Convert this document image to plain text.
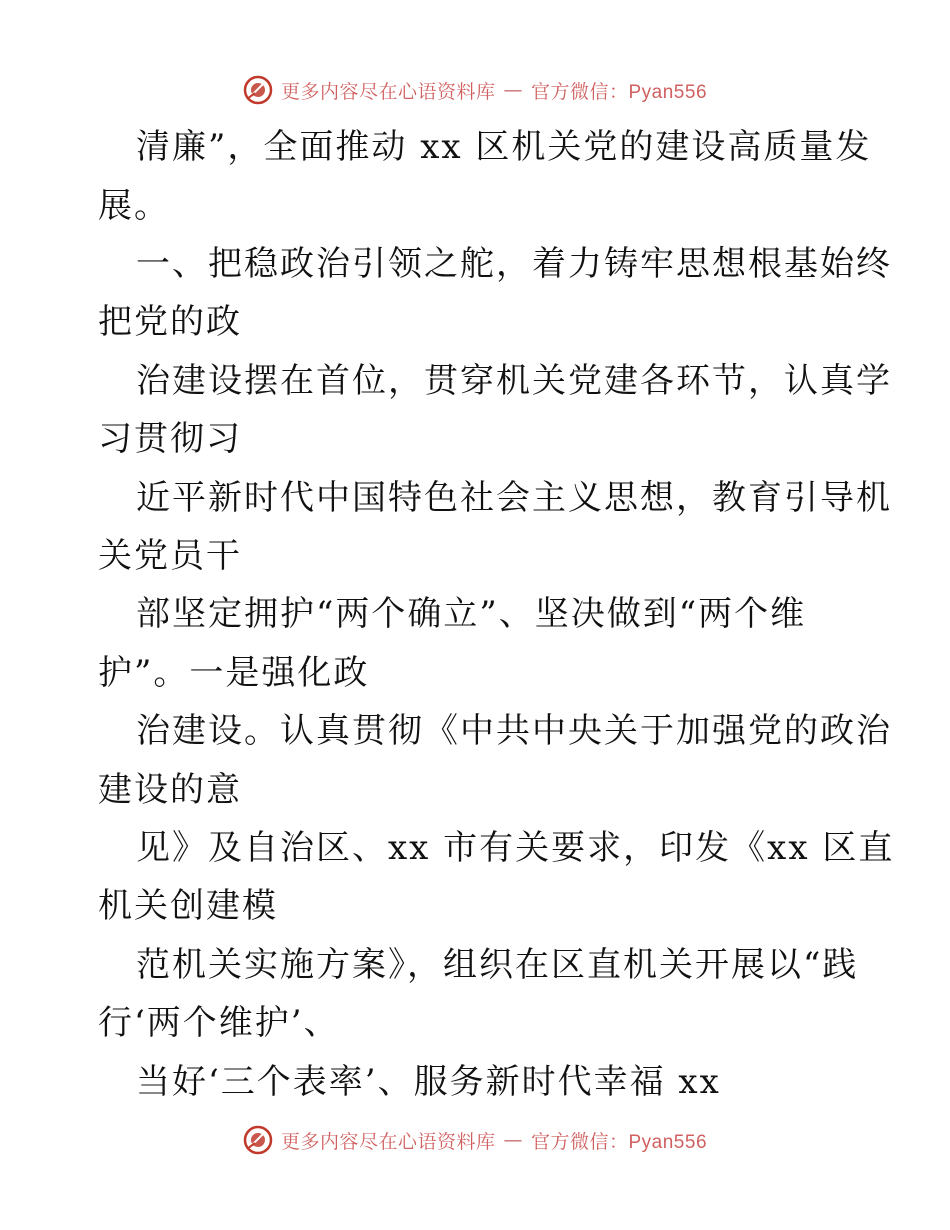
更多内容尽在心语资料库 — 官方微信：Pyan556
清廉”，全面推动 xx 区机关党的建设高质量发
展。
一、把稳政治引领之舵，着力铸牢思想根基始终
把党的政
治建设摆在首位，贯穿机关党建各环节，认真学
习贯彻习
近平新时代中国特色社会主义思想，教育引导机
关党员干
部坚定拥护“两个确立”、坚决做到“两个维
护”。一是强化政
治建设。认真贯彻《中共中央关于加强党的政治
建设的意
见》及自治区、xx 市有关要求，印发《xx 区直
机关创建模
范机关实施方案》，组织在区直机关开展以“践
行‘两个维护’、
当好‘三个表率’、服务新时代幸福 xx
更多内容尽在心语资料库 — 官方微信：Pyan556
